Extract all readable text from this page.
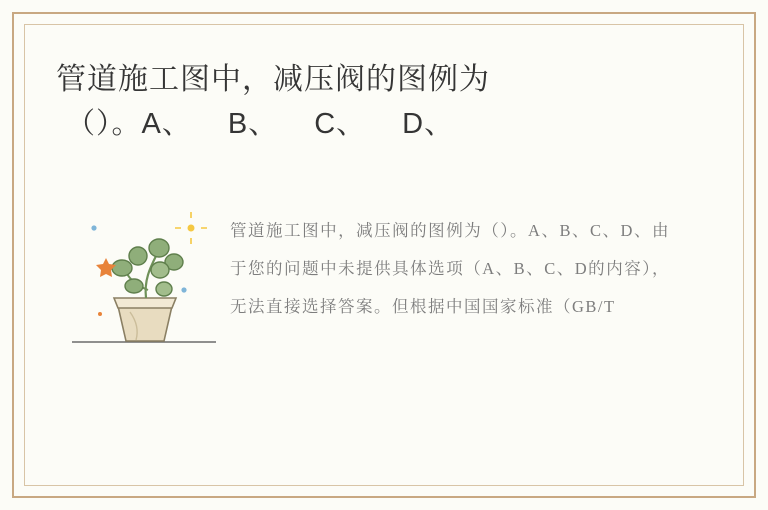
管道施工图中，减压阀的图例为
（）。A、 B、 C、 D、

管道施工图中，减压阀的图例为（）。A、B、C、D、由于您的问题中未提供具体选项（A、B、C、D的内容），无法直接选择答案。但根据中国国家标准（GB/T
